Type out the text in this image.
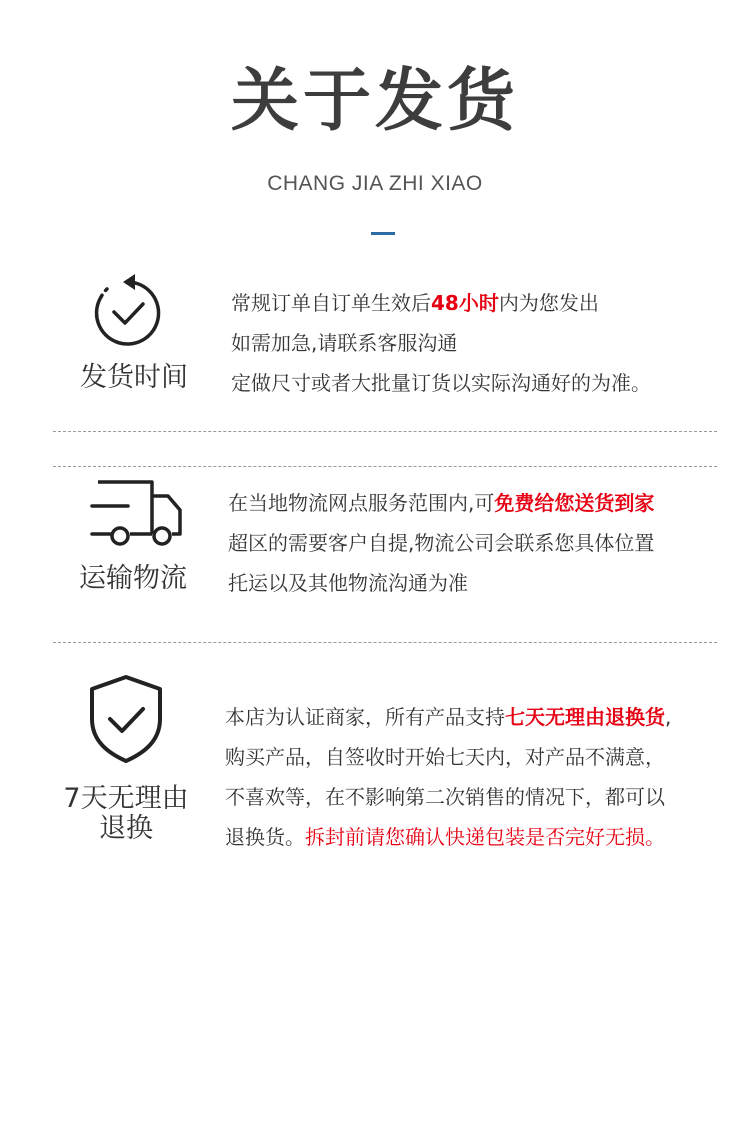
关于发货
CHANG JIA ZHI XIAO
发货时间
常规订单自订单生效后48小时内为您发出
如需加急,请联系客服沟通
定做尺寸或者大批量订货以实际沟通好的为准。
运输物流
在当地物流网点服务范围内,可免费给您送货到家
超区的需要客户自提,物流公司会联系您具体位置
托运以及其他物流沟通为准
7天无理由
退换
本店为认证商家，所有产品支持七天无理由退换货,
购买产品，自签收时开始七天内，对产品不满意，
不喜欢等，在不影响第二次销售的情况下，都可以
退换货。拆封前请您确认快递包装是否完好无损。
